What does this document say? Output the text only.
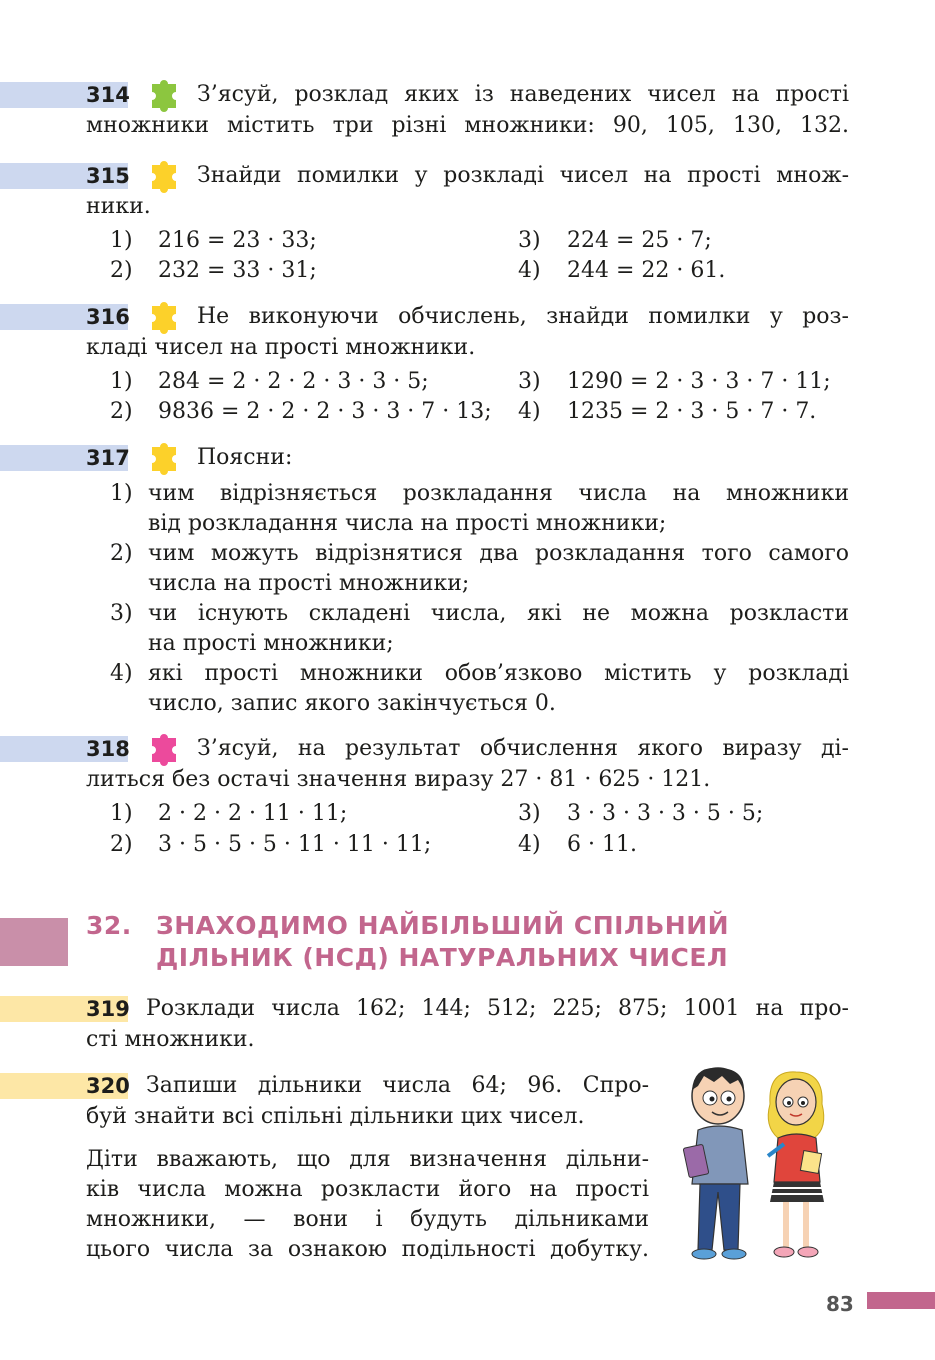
314	З’ясуй, розклад яких із наведених чисел на прості
множники містить три різні множники: 90, 105, 130, 132.
315	Знайди помилки у розкладі чисел на прості множ-
ники.
1) 216 = 23 · 33;
2) 232 = 33 · 31;
3) 224 = 25 · 7;
4) 244 = 22 · 61.
316	Не виконуючи обчислень, знайди помилки у роз-
кладі чисел на прості множники.
1) 284 = 2 · 2 · 2 · 3 · 3 · 5;
2) 9836 = 2 · 2 · 2 · 3 · 3 · 7 · 13;
3) 1290 = 2 · 3 · 3 · 7 · 11;
4) 1235 = 2 · 3 · 5 · 7 · 7.
317	Поясни:
1) чим відрізняється розкладання числа на множники
від розкладання числа на прості множники;
2) чим можуть відрізнятися два розкладання того самого
числа на прості множники;
3) чи існують складені числа, які не можна розкласти
на прості множники;
4) які прості множники обов’язково містить у розкладі
число, запис якого закінчується 0.
318	З’ясуй, на результат обчислення якого виразу ді-
литься без остачі значення виразу 27 · 81 · 625 · 121.
1) 2 · 2 · 2 · 11 · 11;
2) 3 · 5 · 5 · 5 · 11 · 11 · 11;
3) 3 · 3 · 3 · 3 · 5 · 5;
4) 6 · 11.
32. ЗНАХОДИМО НАЙБІЛЬШИЙ СПІЛЬНИЙ
ДІЛЬНИК (НСД) НАТУРАЛЬНИХ ЧИСЕЛ
319 Розклади числа 162; 144; 512; 225; 875; 1001 на про-
сті множники.
320 Запиши дільники числа 64; 96. Спро-
буй знайти всі спільні дільники цих чисел.
Діти вважають, що для визначення дільни-
ків числа можна розкласти його на прості
множники, — вони і будуть дільниками
цього числа за ознакою подільності добутку.
83
